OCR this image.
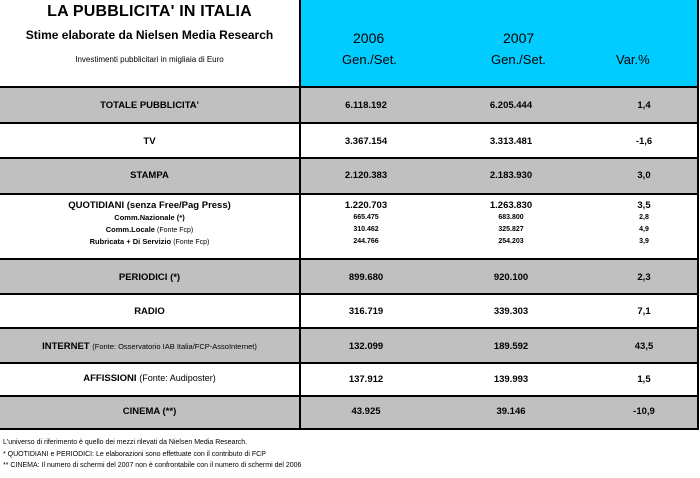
LA PUBBLICITA' IN ITALIA
Stime elaborate da Nielsen Media Research
Investimenti pubblicitari in migliaia di Euro
2006	2007
Gen./Set.	Gen./Set.	Var.%
TOTALE PUBBLICITA'	6.118.192	6.205.444	1,4
TV	3.367.154	3.313.481	-1,6
STAMPA	2.120.383	2.183.930	3,0
QUOTIDIANI (senza Free/Pag Press)	1.220.703	1.263.830	3,5
Comm.Nazionale (*)	665.475	683.800	2,8
Comm.Locale (Fonte Fcp)	310.462	325.827	4,9
Rubricata + Di Servizio (Fonte Fcp)	244.766	254.203	3,9
PERIODICI (*)	899.680	920.100	2,3
RADIO	316.719	339.303	7,1
INTERNET (Fonte: Osservatorio IAB Italia/FCP-AssoInternet)	132.099	189.592	43,5
AFFISSIONI (Fonte: Audiposter)	137.912	139.993	1,5
CINEMA (**)	43.925	39.146	-10,9
L'universo di riferimento è quello dei mezzi rilevati da Nielsen Media Research.
* QUOTIDIANI e PERIODICI: Le elaborazioni sono effettuate con il contributo di FCP
** CINEMA: Il numero di schermi del 2007 non è confrontabile con il numero di schermi del 2006
